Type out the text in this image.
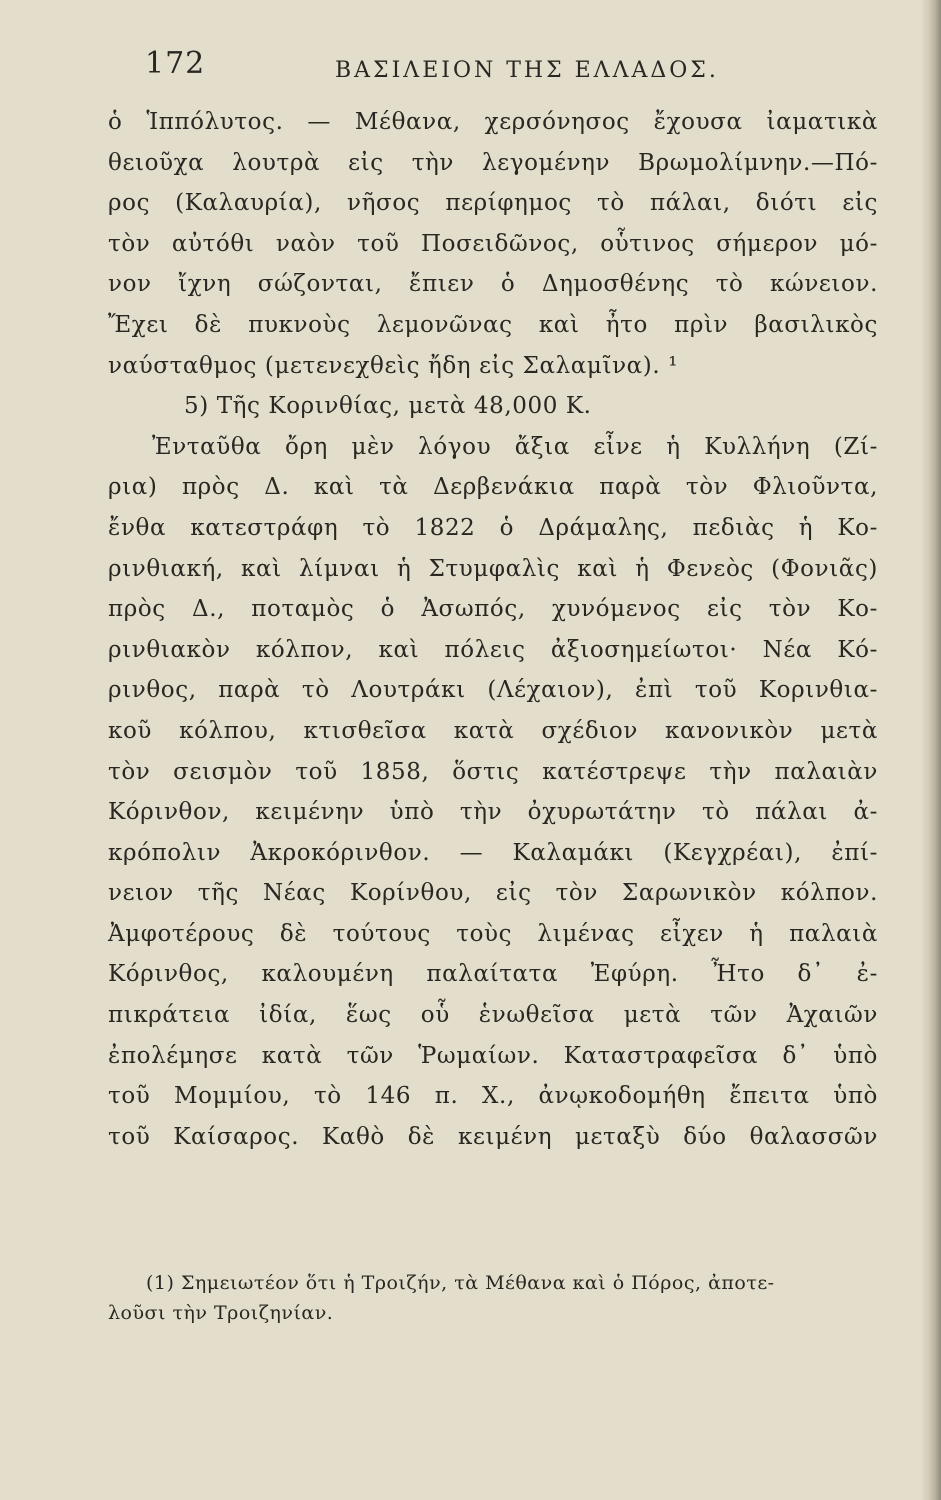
172	ΒΑΣΙΛΕΙΟΝ ΤΗΣ ΕΛΛΑΔΟΣ.
ὁ Ἱππόλυτος. — Μέθανα, χερσόνησος ἔχουσα ἰαματικὰ
θειοῦχα λουτρὰ εἰς τὴν λεγομένην Βρωμολίμνην.—Πό-
ρος (Καλαυρία), νῆσος περίφημος τὸ πάλαι, διότι εἰς
τὸν αὐτόθι ναὸν τοῦ Ποσειδῶνος, οὗτινος σήμερον μό-
νον ἴχνη σώζονται, ἔπιεν ὁ Δημοσθένης τὸ κώνειον.
Ἔχει δὲ πυκνοὺς λεμονῶνας καὶ ἦτο πρὶν βασιλικὸς
ναύσταθμος (μετενεχθεὶς ἤδη εἰς Σαλαμῖνα). ¹
5) Τῆς Κορινθίας, μετὰ 48,000 Κ.
Ἐνταῦθα ὄρη μὲν λόγου ἄξια εἶνε ἡ Κυλλήνη (Ζί-
ρια) πρὸς Δ. καὶ τὰ Δερβενάκια παρὰ τὸν Φλιοῦντα,
ἔνθα κατεστράφη τὸ 1822 ὁ Δράμαλης, πεδιὰς ἡ Κο-
ρινθιακή, καὶ λίμναι ἡ Στυμφαλὶς καὶ ἡ Φενεὸς (Φονιᾶς)
πρὸς Δ., ποταμὸς ὁ Ἀσωπός, χυνόμενος εἰς τὸν Κο-
ρινθιακὸν κόλπον, καὶ πόλεις ἀξιοσημείωτοι· Νέα Κό-
ρινθος, παρὰ τὸ Λουτράκι (Λέχαιον), ἐπὶ τοῦ Κορινθια-
κοῦ κόλπου, κτισθεῖσα κατὰ σχέδιον κανονικὸν μετὰ
τὸν σεισμὸν τοῦ 1858, ὅστις κατέστρεψε τὴν παλαιὰν
Κόρινθον, κειμένην ὑπὸ τὴν ὀχυρωτάτην τὸ πάλαι ἀ-
κρόπολιν Ἀκροκόρινθον. — Καλαμάκι (Κεγχρέαι), ἐπί-
νειον τῆς Νέας Κορίνθου, εἰς τὸν Σαρωνικὸν κόλπον.
Ἀμφοτέρους δὲ τούτους τοὺς λιμένας εἶχεν ἡ παλαιὰ
Κόρινθος, καλουμένη παλαίτατα Ἐφύρη. Ἦτο δ᾽ ἐ-
πικράτεια ἰδία, ἕως οὗ ἑνωθεῖσα μετὰ τῶν Ἀχαιῶν
ἐπολέμησε κατὰ τῶν Ῥωμαίων. Καταστραφεῖσα δ᾽ ὑπὸ
τοῦ Μομμίου, τὸ 146 π. Χ., ἀνῳκοδομήθη ἔπειτα ὑπὸ
τοῦ Καίσαρος. Καθὸ δὲ κειμένη μεταξὺ δύο θαλασσῶν
(1) Σημειωτέον ὅτι ἡ Τροιζήν, τὰ Μέθανα καὶ ὁ Πόρος, ἀποτε-
λοῦσι τὴν Τροιζηνίαν.
